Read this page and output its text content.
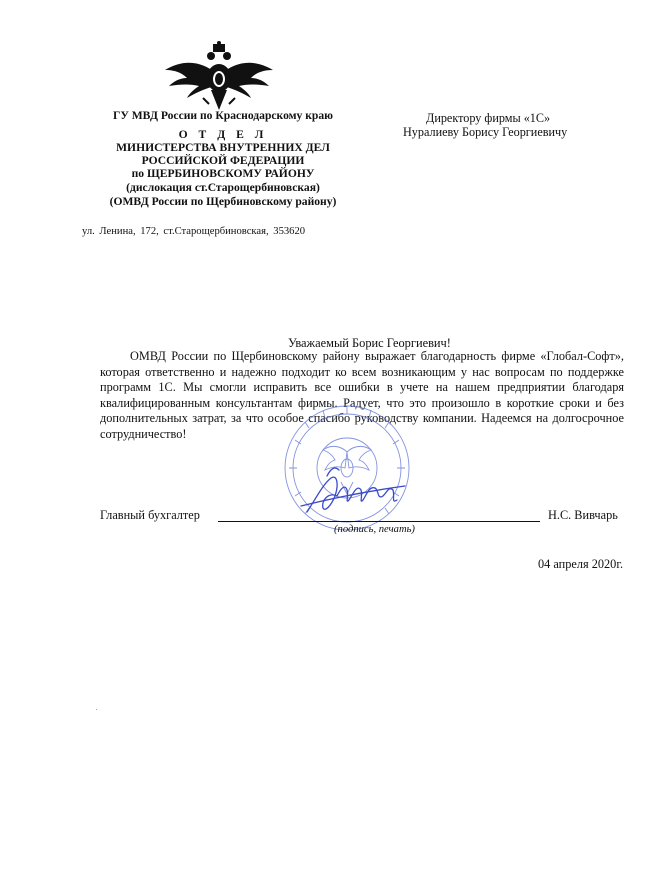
ГУ МВД России по Краснодарскому краю
О Т Д Е Л
МИНИСТЕРСТВА ВНУТРЕННИХ ДЕЛ
РОССИЙСКОЙ ФЕДЕРАЦИИ
по ЩЕРБИНОВСКОМУ РАЙОНУ
(дислокация ст.Старощербиновская)
(ОМВД России по Щербиновскому району)
ул. Ленина, 172, ст.Старощербиновская, 353620
Директору фирмы «1С»
Нуралиеву Борису Георгиевичу
Уважаемый Борис Георгиевич!
ОМВД России по Щербиновскому району выражает благодарность фирме «Глобал-Софт», которая ответственно и надежно подходит ко всем возникающим у нас вопросам по поддержке программ 1С. Мы смогли исправить все ошибки в учете на нашем предприятии благодаря квалифицированным консультантам фирмы. Радует, что это произошло в короткие сроки и без дополнительных затрат, за что особое спасибо руководству компании. Надеемся на долгосрочное сотрудничество!
Главный бухгалтер	Н.С. Вивчарь
(подпись, печать)
04 апреля 2020г.
